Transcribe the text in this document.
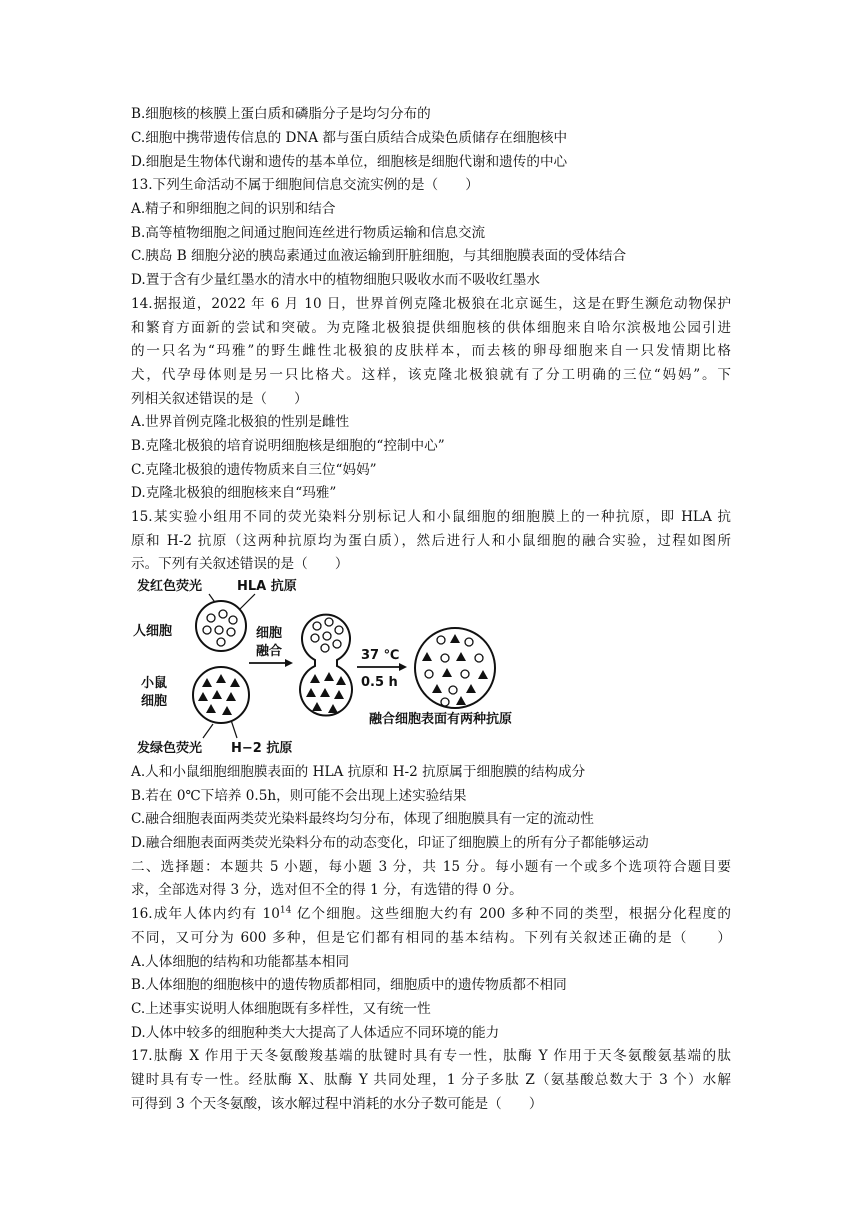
B.细胞核的核膜上蛋白质和磷脂分子是均匀分布的
C.细胞中携带遗传信息的 DNA 都与蛋白质结合成染色质储存在细胞核中
D.细胞是生物体代谢和遗传的基本单位，细胞核是细胞代谢和遗传的中心
13.下列生命活动不属于细胞间信息交流实例的是（　　）
A.精子和卵细胞之间的识别和结合
B.高等植物细胞之间通过胞间连丝进行物质运输和信息交流
C.胰岛 B 细胞分泌的胰岛素通过血液运输到肝脏细胞，与其细胞膜表面的受体结合
D.置于含有少量红墨水的清水中的植物细胞只吸收水而不吸收红墨水
14.据报道，2022 年 6 月 10 日，世界首例克隆北极狼在北京诞生，这是在野生濒危动物保护
和繁育方面新的尝试和突破。为克隆北极狼提供细胞核的供体细胞来自哈尔滨极地公园引进
的一只名为“玛雅”的野生雌性北极狼的皮肤样本，而去核的卵母细胞来自一只发情期比格
犬，代孕母体则是另一只比格犬。这样，该克隆北极狼就有了分工明确的三位“妈妈”。下
列相关叙述错误的是（　　）
A.世界首例克隆北极狼的性别是雌性
B.克隆北极狼的培育说明细胞核是细胞的“控制中心”
C.克隆北极狼的遗传物质来自三位“妈妈”
D.克隆北极狼的细胞核来自“玛雅”
15.某实验小组用不同的荧光染料分别标记人和小鼠细胞的细胞膜上的一种抗原，即 HLA 抗
原和 H-2 抗原（这两种抗原均为蛋白质），然后进行人和小鼠细胞的融合实验，过程如图所
示。下列有关叙述错误的是（　　）
发红色荧光	HLA 抗原
人细胞
小鼠
细胞
发绿色荧光 H−2 抗原
细胞
融合	37 ℃
0.5 h
融合细胞表面有两种抗原
A.人和小鼠细胞细胞膜表面的 HLA 抗原和 H-2 抗原属于细胞膜的结构成分
B.若在 0℃下培养 0.5h，则可能不会出现上述实验结果
C.融合细胞表面两类荧光染料最终均匀分布，体现了细胞膜具有一定的流动性
D.融合细胞表面两类荧光染料分布的动态变化，印证了细胞膜上的所有分子都能够运动
二、选择题：本题共 5 小题，每小题 3 分，共 15 分。每小题有一个或多个选项符合题目要
求，全部选对得 3 分，选对但不全的得 1 分，有选错的得 0 分。
16.成年人体内约有 $10^{14}$ 亿个细胞。这些细胞大约有 200 多种不同的类型，根据分化程度的
不同，又可分为 600 多种，但是它们都有相同的基本结构。下列有关叙述正确的是（　　）
A.人体细胞的结构和功能都基本相同
B.人体细胞的细胞核中的遗传物质都相同，细胞质中的遗传物质都不相同
C.上述事实说明人体细胞既有多样性，又有统一性
D.人体中较多的细胞种类大大提高了人体适应不同环境的能力
17.肽酶 X 作用于天冬氨酸羧基端的肽键时具有专一性，肽酶 Y 作用于天冬氨酸氨基端的肽
键时具有专一性。经肽酶 X、肽酶 Y 共同处理，1 分子多肽 Z（氨基酸总数大于 3 个）水解
可得到 3 个天冬氨酸，该水解过程中消耗的水分子数可能是（　　）
